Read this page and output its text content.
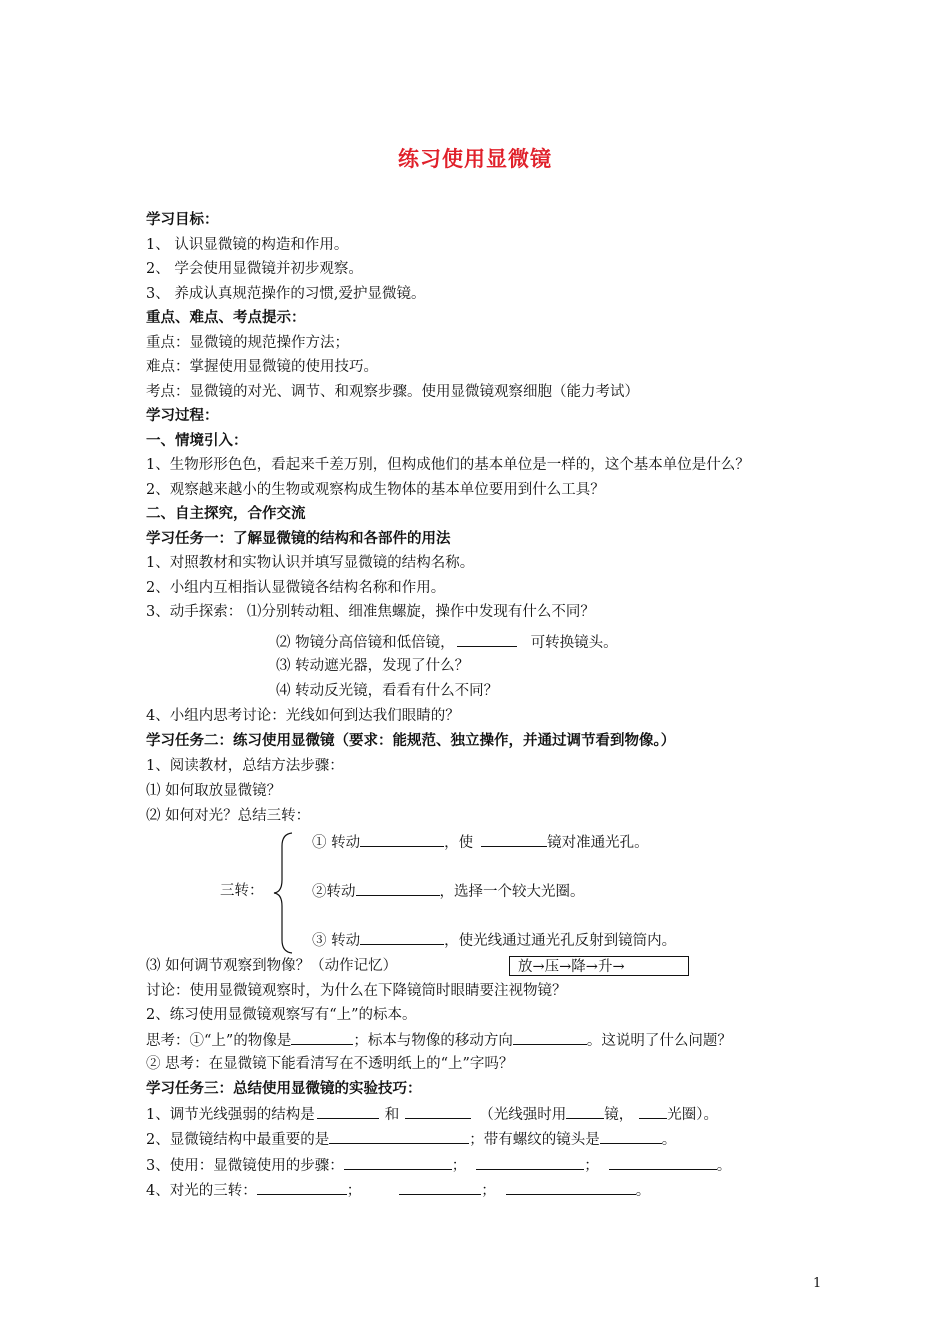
练习使用显微镜
学习目标：
1、 认识显微镜的构造和作用。
2、 学会使用显微镜并初步观察。
3、 养成认真规范操作的习惯,爱护显微镜。
重点、难点、考点提示：
重点：显微镜的规范操作方法；
难点：掌握使用显微镜的使用技巧。
考点：显微镜的对光、调节、和观察步骤。使用显微镜观察细胞（能力考试）
学习过程：
一、情境引入：
1、生物形形色色，看起来千差万别，但构成他们的基本单位是一样的，这个基本单位是什么？
2、观察越来越小的生物或观察构成生物体的基本单位要用到什么工具？
二、自主探究，合作交流
学习任务一：了解显微镜的结构和各部件的用法
1、对照教材和实物认识并填写显微镜的结构名称。
2、小组内互相指认显微镜各结构名称和作用。
3、动手探索： ⑴分别转动粗、细准焦螺旋，操作中发现有什么不同？
⑵ 物镜分高倍镜和低倍镜，	可转换镜头。
⑶ 转动遮光器，发现了什么？
⑷ 转动反光镜，看看有什么不同？
4、小组内思考讨论：光线如何到达我们眼睛的？
学习任务二：练习使用显微镜（要求：能规范、独立操作，并通过调节看到物像。）
1、阅读教材，总结方法步骤：
⑴ 如何取放显微镜？
⑵ 如何对光？总结三转：
三转：
① 转动	，使	镜对准通光孔。
②转动	，选择一个较大光圈。
③ 转动	，使光线通过通光孔反射到镜筒内。
⑶ 如何调节观察到物像？（动作记忆）	放→压→降→升→
讨论：使用显微镜观察时，为什么在下降镜筒时眼睛要注视物镜？
2、练习使用显微镜观察写有“上”的标本。
思考：①“上”的物像是	；标本与物像的移动方向	。这说明了什么问题？
② 思考：在显微镜下能看清写在不透明纸上的“上”字吗？
学习任务三：总结使用显微镜的实验技巧：
1、调节光线强弱的结构是	和	（光线强时用	镜， 光圈）。
2、显微镜结构中最重要的是	；带有螺纹的镜头是	。
3、使用：显微镜使用的步骤：	；	；	。
4、对光的三转：	；	；	。
1
